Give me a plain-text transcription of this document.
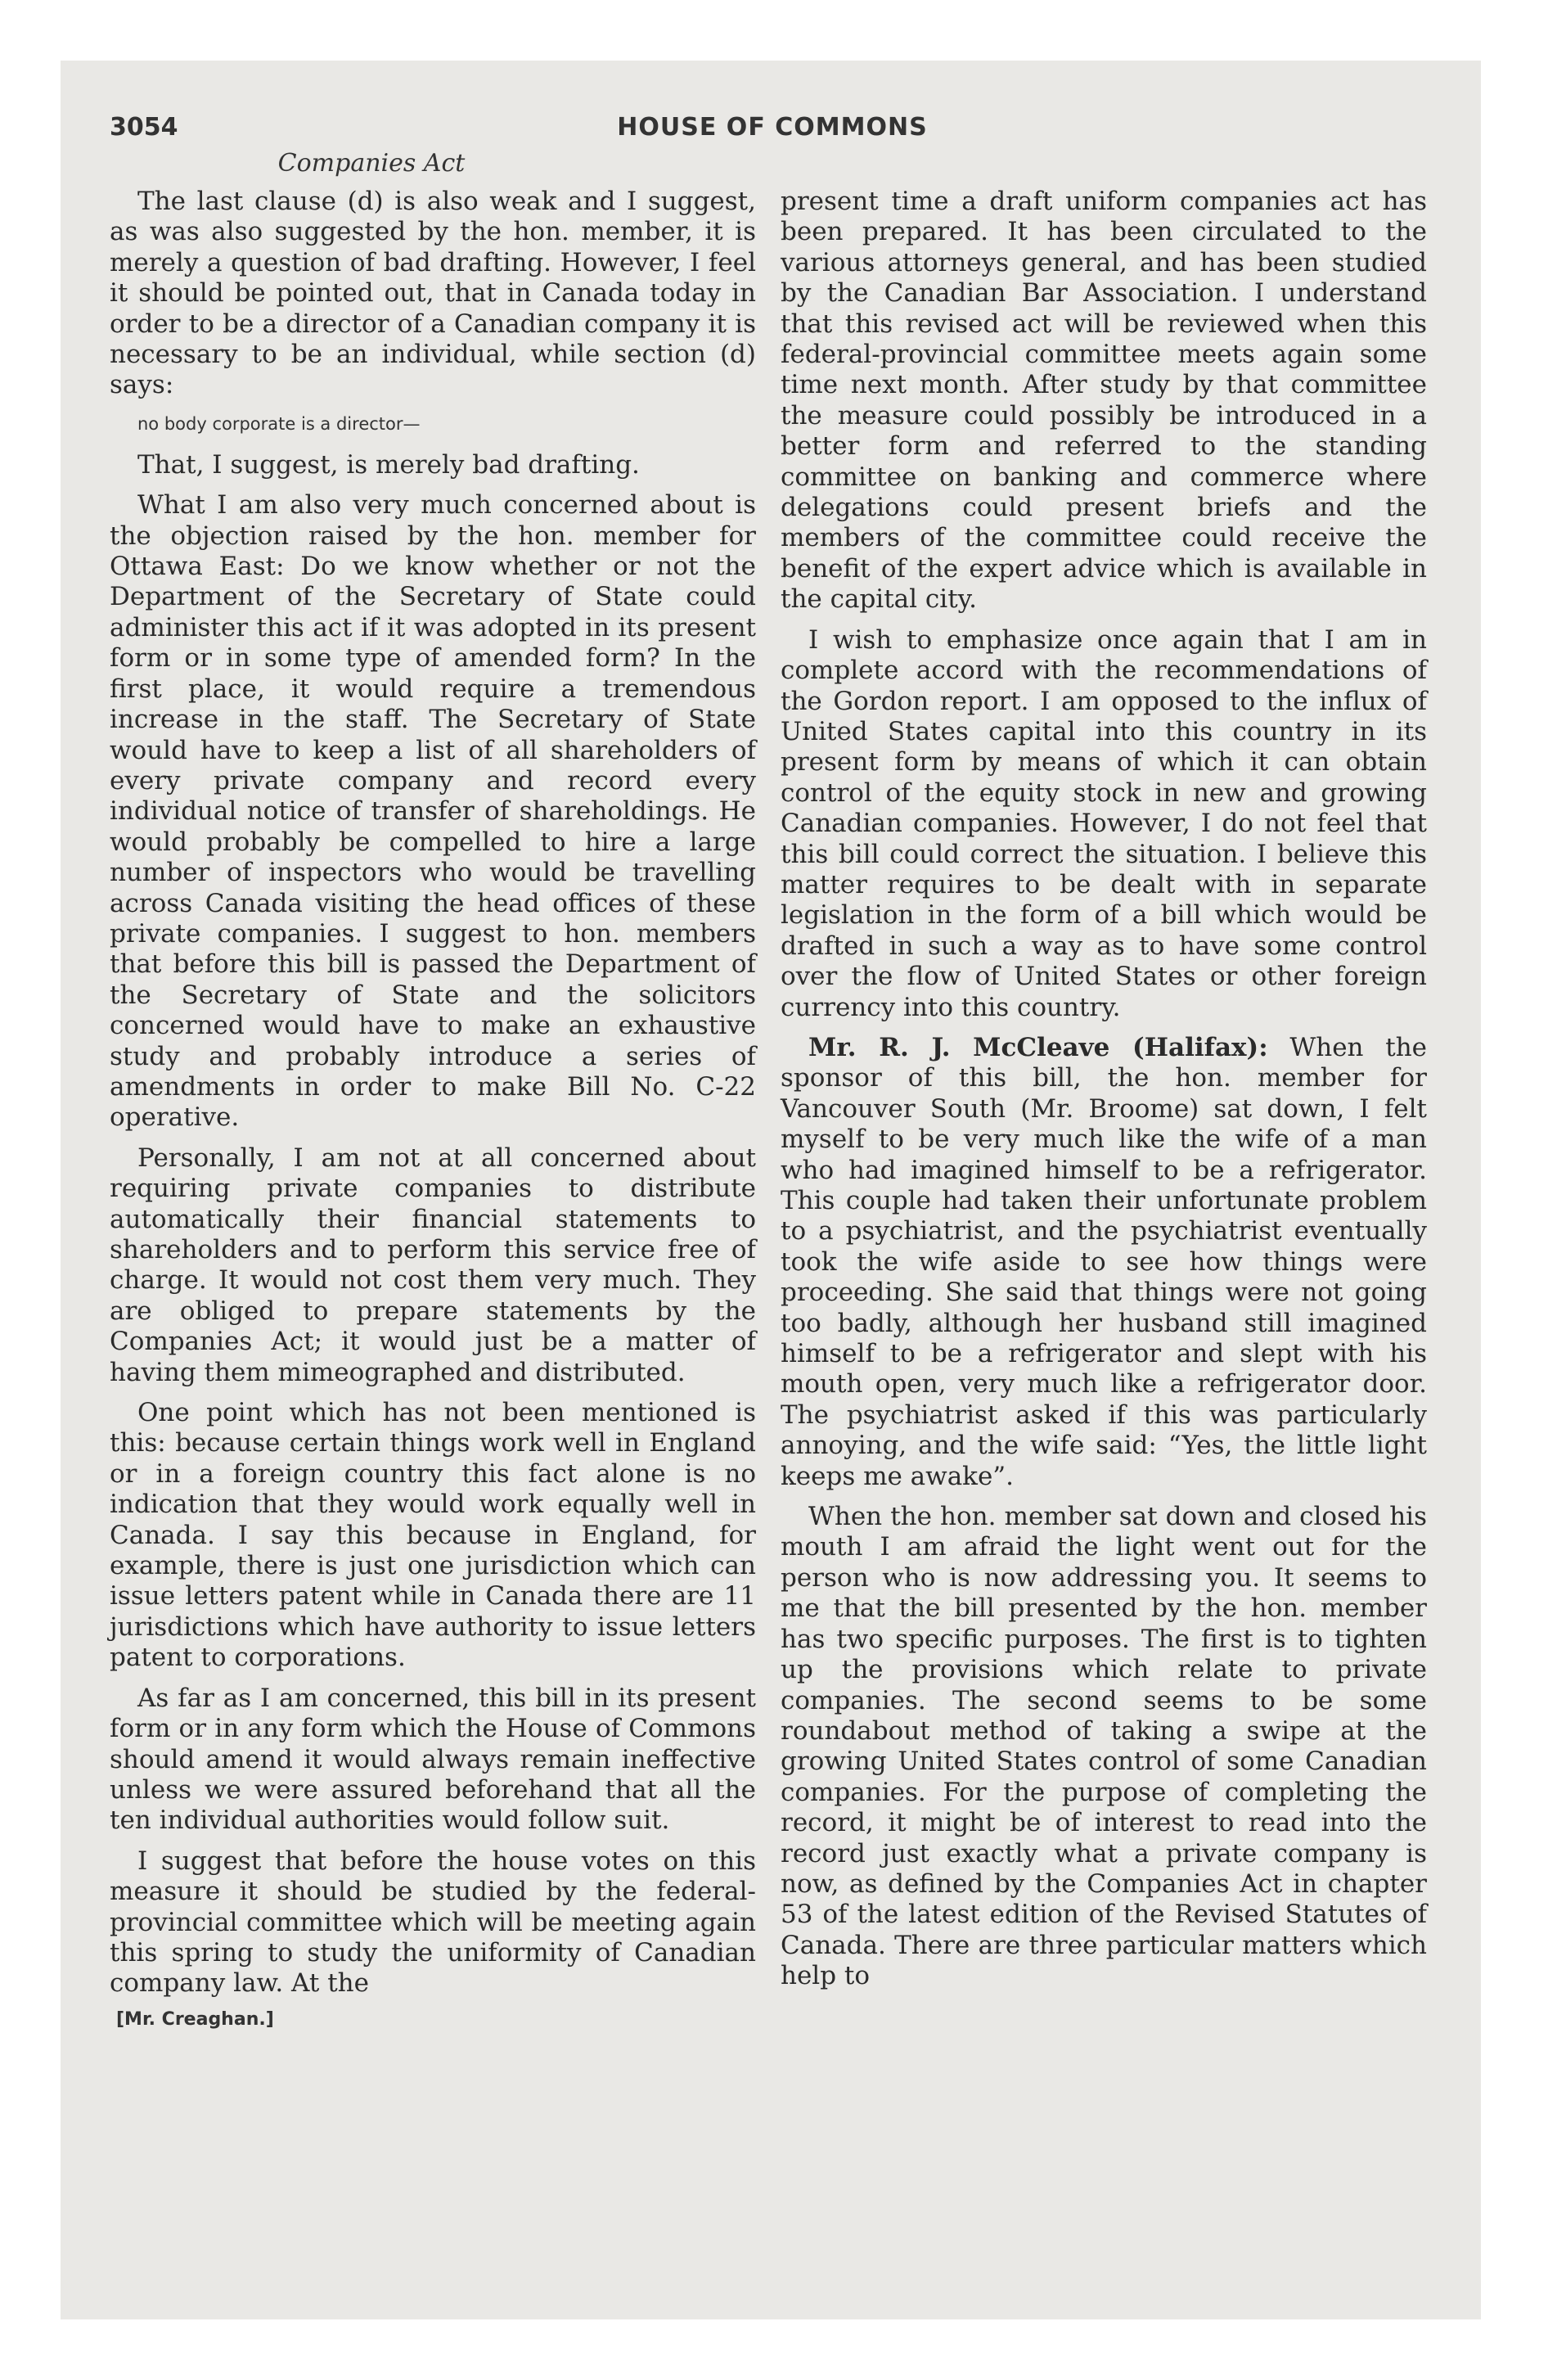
3054	HOUSE OF COMMONS
Companies Act

The last clause (d) is also weak and I suggest, as was also suggested by the hon. member, it is merely a question of bad drafting. However, I feel it should be pointed out, that in Canada today in order to be a director of a Canadian company it is necessary to be an individual, while section (d) says:

no body corporate is a director—

That, I suggest, is merely bad drafting.

What I am also very much concerned about is the objection raised by the hon. member for Ottawa East: Do we know whether or not the Department of the Secretary of State could administer this act if it was adopted in its present form or in some type of amended form? In the first place, it would require a tremendous increase in the staff. The Secretary of State would have to keep a list of all shareholders of every private company and record every individual notice of transfer of shareholdings. He would probably be compelled to hire a large number of inspectors who would be travelling across Canada visiting the head offices of these private companies. I suggest to hon. members that before this bill is passed the Department of the Secretary of State and the solicitors concerned would have to make an exhaustive study and probably introduce a series of amendments in order to make Bill No. C-22 operative.

Personally, I am not at all concerned about requiring private companies to distribute automatically their financial statements to shareholders and to perform this service free of charge. It would not cost them very much. They are obliged to prepare statements by the Companies Act; it would just be a matter of having them mimeographed and distributed.

One point which has not been mentioned is this: because certain things work well in England or in a foreign country this fact alone is no indication that they would work equally well in Canada. I say this because in England, for example, there is just one jurisdiction which can issue letters patent while in Canada there are 11 jurisdictions which have authority to issue letters patent to corporations.

As far as I am concerned, this bill in its present form or in any form which the House of Commons should amend it would always remain ineffective unless we were assured beforehand that all the ten individual authorities would follow suit.

I suggest that before the house votes on this measure it should be studied by the federal-provincial committee which will be meeting again this spring to study the uniformity of Canadian company law. At the

[Mr. Creaghan.]

present time a draft uniform companies act has been prepared. It has been circulated to the various attorneys general, and has been studied by the Canadian Bar Association. I understand that this revised act will be reviewed when this federal-provincial committee meets again some time next month. After study by that committee the measure could possibly be introduced in a better form and referred to the standing committee on banking and commerce where delegations could present briefs and the members of the committee could receive the benefit of the expert advice which is available in the capital city.

I wish to emphasize once again that I am in complete accord with the recommendations of the Gordon report. I am opposed to the influx of United States capital into this country in its present form by means of which it can obtain control of the equity stock in new and growing Canadian companies. However, I do not feel that this bill could correct the situation. I believe this matter requires to be dealt with in separate legislation in the form of a bill which would be drafted in such a way as to have some control over the flow of United States or other foreign currency into this country.

Mr. R. J. McCleave (Halifax): When the sponsor of this bill, the hon. member for Vancouver South (Mr. Broome) sat down, I felt myself to be very much like the wife of a man who had imagined himself to be a refrigerator. This couple had taken their unfortunate problem to a psychiatrist, and the psychiatrist eventually took the wife aside to see how things were proceeding. She said that things were not going too badly, although her husband still imagined himself to be a refrigerator and slept with his mouth open, very much like a refrigerator door. The psychiatrist asked if this was particularly annoying, and the wife said: “Yes, the little light keeps me awake”.

When the hon. member sat down and closed his mouth I am afraid the light went out for the person who is now addressing you. It seems to me that the bill presented by the hon. member has two specific purposes. The first is to tighten up the provisions which relate to private companies. The second seems to be some roundabout method of taking a swipe at the growing United States control of some Canadian companies. For the purpose of completing the record, it might be of interest to read into the record just exactly what a private company is now, as defined by the Companies Act in chapter 53 of the latest edition of the Revised Statutes of Canada. There are three particular matters which help to
